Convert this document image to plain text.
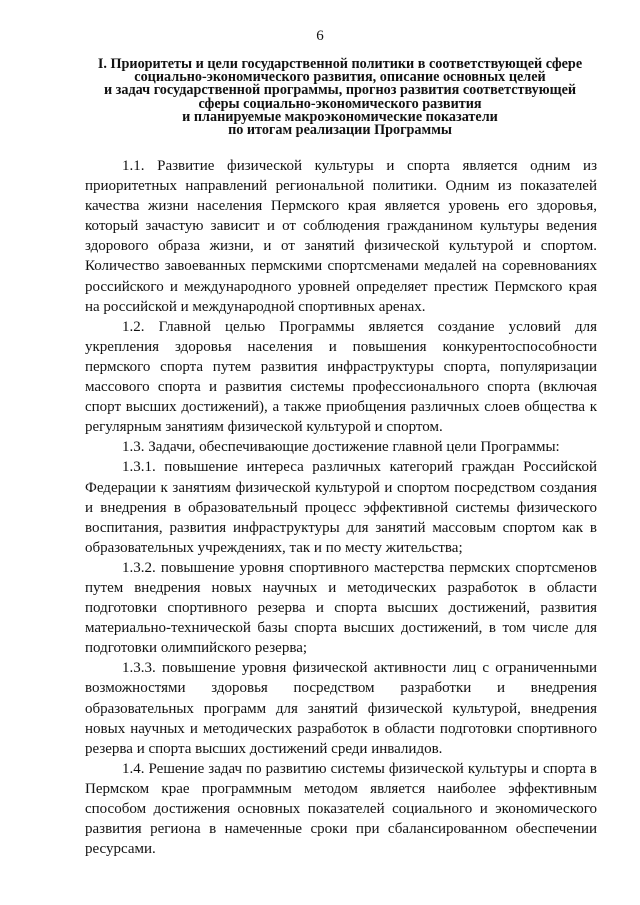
6
I. Приоритеты и цели государственной политики в соответствующей сфере
социально-экономического развития, описание основных целей
и задач государственной программы, прогноз развития соответствующей
сферы социально-экономического развития
и планируемые макроэкономические показатели
по итогам реализации Программы

1.1. Развитие физической культуры и спорта является одним из приоритетных направлений региональной политики. Одним из показателей качества жизни населения Пермского края является уровень его здоровья, который зачастую зависит и от соблюдения гражданином культуры ведения здорового образа жизни, и от занятий физической культурой и спортом. Количество завоеванных пермскими спортсменами медалей на соревнованиях российского и международного уровней определяет престиж Пермского края на российской и международной спортивных аренах.

1.2. Главной целью Программы является создание условий для укрепления здоровья населения и повышения конкурентоспособности пермского спорта путем развития инфраструктуры спорта, популяризации массового спорта и развития системы профессионального спорта (включая спорт высших достижений), а также приобщения различных слоев общества к регулярным занятиям физической культурой и спортом.

1.3. Задачи, обеспечивающие достижение главной цели Программы:

1.3.1. повышение интереса различных категорий граждан Российской Федерации к занятиям физической культурой и спортом посредством создания и внедрения в образовательный процесс эффективной системы физического воспитания, развития инфраструктуры для занятий массовым спортом как в образовательных учреждениях, так и по месту жительства;

1.3.2. повышение уровня спортивного мастерства пермских спортсменов путем внедрения новых научных и методических разработок в области подготовки спортивного резерва и спорта высших достижений, развития материально-технической базы спорта высших достижений, в том числе для подготовки олимпийского резерва;

1.3.3. повышение уровня физической активности лиц с ограниченными возможностями здоровья посредством разработки и внедрения образовательных программ для занятий физической культурой, внедрения новых научных и методических разработок в области подготовки спортивного резерва и спорта высших достижений среди инвалидов.

1.4. Решение задач по развитию системы физической культуры и спорта в Пермском крае программным методом является наиболее эффективным способом достижения основных показателей социального и экономического развития региона в намеченные сроки при сбалансированном обеспечении ресурсами.
